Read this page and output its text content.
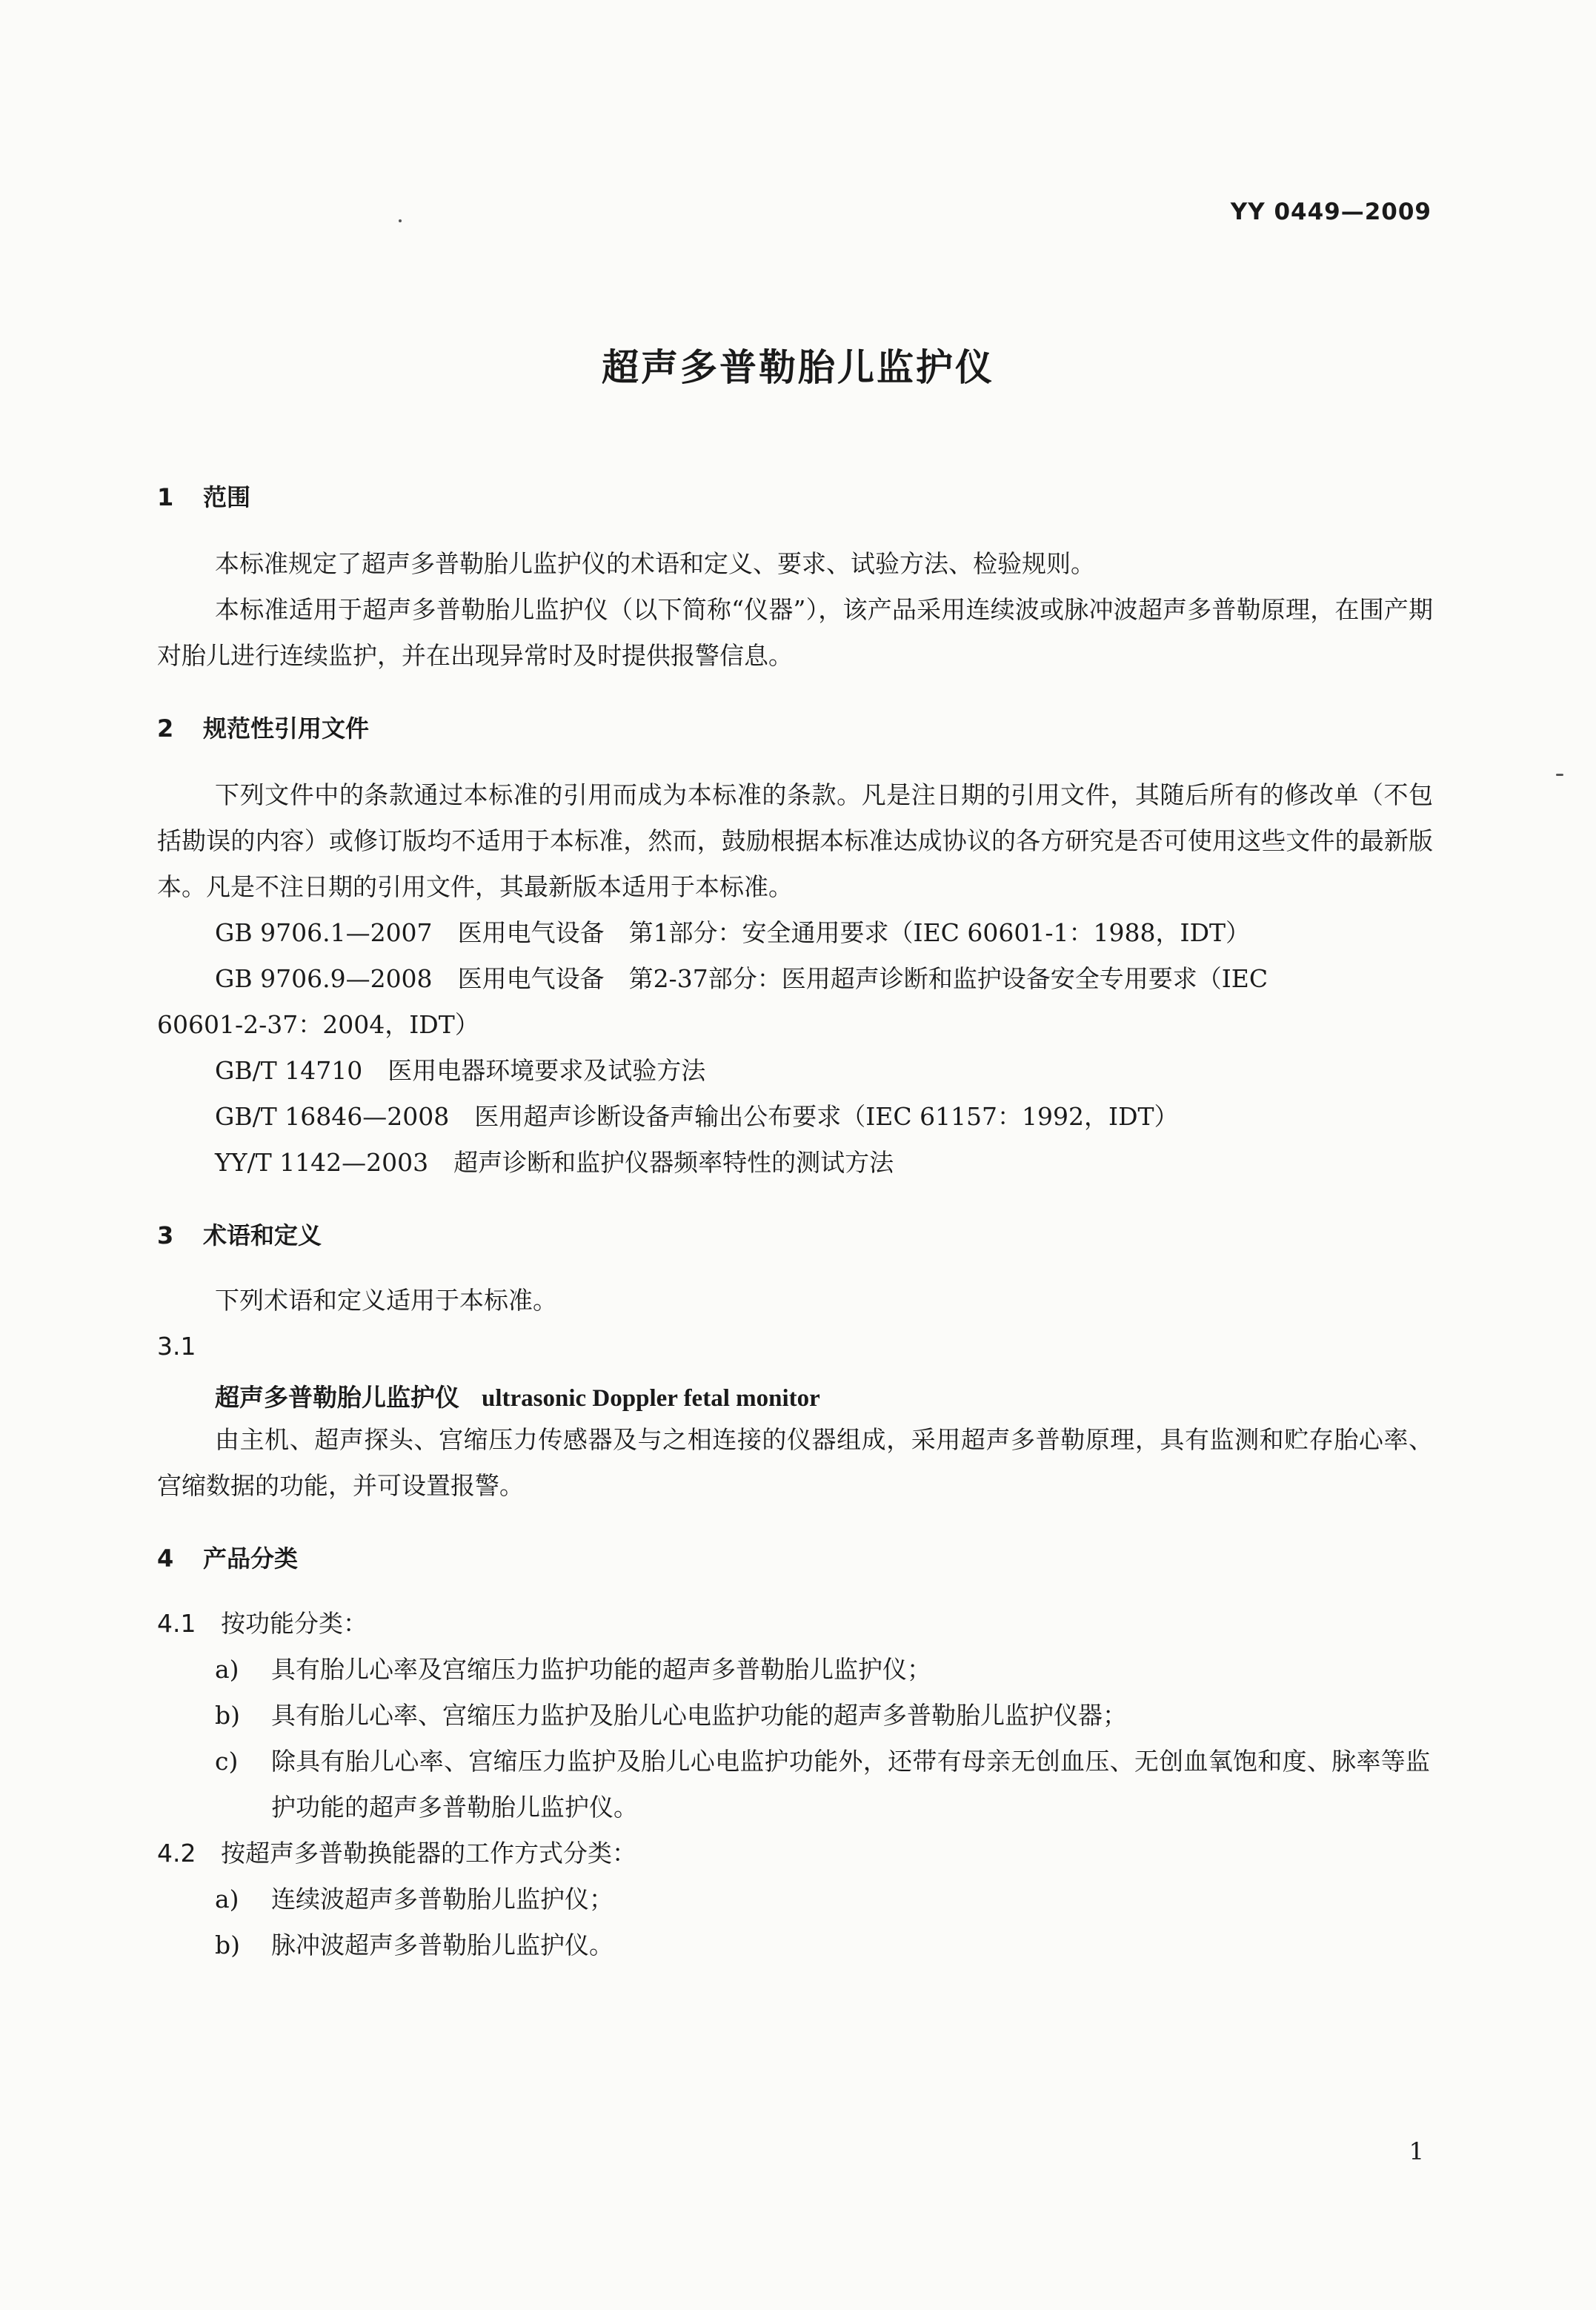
YY 0449—2009
超声多普勒胎儿监护仪
1 范围
本标准规定了超声多普勒胎儿监护仪的术语和定义、要求、试验方法、检验规则。
本标准适用于超声多普勒胎儿监护仪（以下简称“仪器”），该产品采用连续波或脉冲波超声多普勒原理，在围产期对胎儿进行连续监护，并在出现异常时及时提供报警信息。
2 规范性引用文件
下列文件中的条款通过本标准的引用而成为本标准的条款。凡是注日期的引用文件，其随后所有的修改单（不包括勘误的内容）或修订版均不适用于本标准，然而，鼓励根据本标准达成协议的各方研究是否可使用这些文件的最新版本。凡是不注日期的引用文件，其最新版本适用于本标准。
GB 9706.1—2007 医用电气设备　第1部分：安全通用要求（IEC 60601-1：1988，IDT）
GB 9706.9—2008 医用电气设备　第2-37部分：医用超声诊断和监护设备安全专用要求（IEC
60601-2-37：2004，IDT）
GB/T 14710 医用电器环境要求及试验方法
GB/T 16846—2008 医用超声诊断设备声输出公布要求（IEC 61157：1992，IDT）
YY/T 1142—2003 超声诊断和监护仪器频率特性的测试方法
3 术语和定义
下列术语和定义适用于本标准。
3.1
超声多普勒胎儿监护仪 ultrasonic Doppler fetal monitor
由主机、超声探头、宫缩压力传感器及与之相连接的仪器组成，采用超声多普勒原理，具有监测和贮存胎心率、宫缩数据的功能，并可设置报警。
4 产品分类
4.1 按功能分类：
a) 具有胎儿心率及宫缩压力监护功能的超声多普勒胎儿监护仪；
b) 具有胎儿心率、宫缩压力监护及胎儿心电监护功能的超声多普勒胎儿监护仪器；
c) 除具有胎儿心率、宫缩压力监护及胎儿心电监护功能外，还带有母亲无创血压、无创血氧饱和度、脉率等监护功能的超声多普勒胎儿监护仪。
4.2 按超声多普勒换能器的工作方式分类：
a) 连续波超声多普勒胎儿监护仪；
b) 脉冲波超声多普勒胎儿监护仪。
1
